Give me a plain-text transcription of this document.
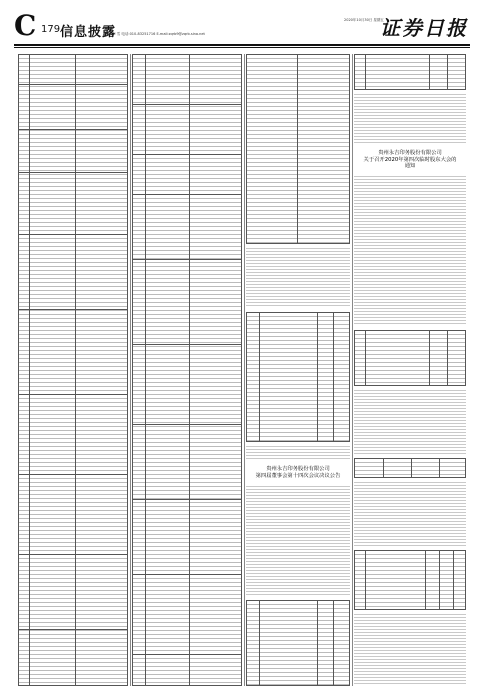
C 179 信息披露
2020年10月30日 星期五
制作:李 雪 电话:010-83251716 E-mail:zqrb9@zqrb.sina.net	证券日报
贵州永吉印务股份有限公司
第四届董事会第十四次会议决议公告
贵州永吉印务股份有限公司
关于召开2020年第四次临时股东大会的
通知
